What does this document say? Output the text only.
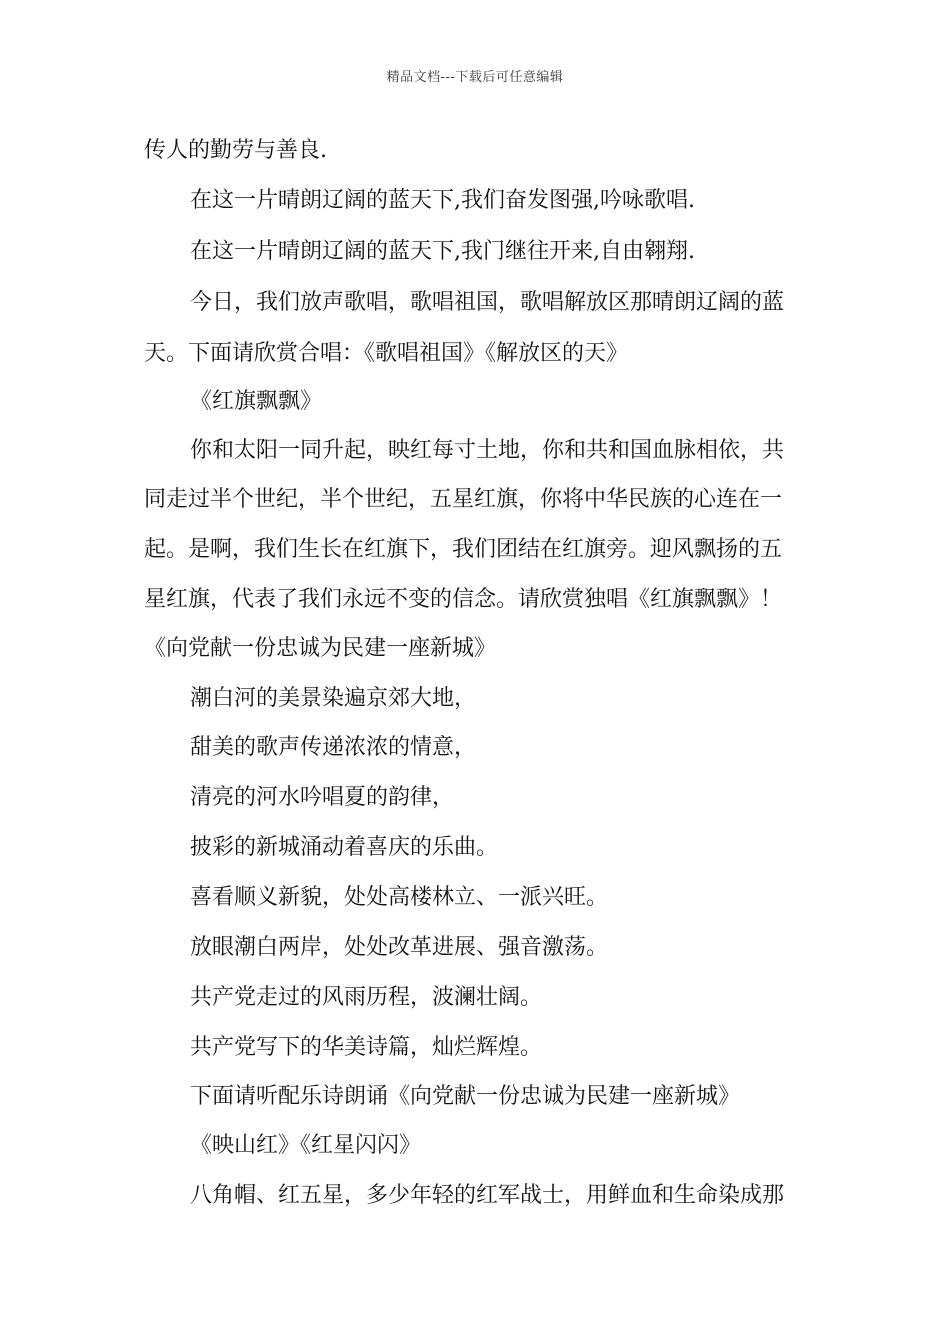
精品文档---下载后可任意编辑
传人的勤劳与善良.
在这一片晴朗辽阔的蓝天下,我们奋发图强,吟咏歌唱.
在这一片晴朗辽阔的蓝天下,我门继往开来,自由翱翔.
今日，我们放声歌唱，歌唱祖国，歌唱解放区那晴朗辽阔的蓝
天。下面请欣赏合唱：《歌唱祖国》《解放区的天》
《红旗飘飘》
你和太阳一同升起，映红每寸土地，你和共和国血脉相依，共
同走过半个世纪，半个世纪，五星红旗，你将中华民族的心连在一
起。是啊，我们生长在红旗下，我们团结在红旗旁。迎风飘扬的五
星红旗，代表了我们永远不变的信念。请欣赏独唱《红旗飘飘》！
《向党献一份忠诚为民建一座新城》
潮白河的美景染遍京郊大地，
甜美的歌声传递浓浓的情意，
清亮的河水吟唱夏的韵律，
披彩的新城涌动着喜庆的乐曲。
喜看顺义新貌，处处高楼林立、一派兴旺。
放眼潮白两岸，处处改革进展、强音激荡。
共产党走过的风雨历程，波澜壮阔。
共产党写下的华美诗篇，灿烂辉煌。
下面请听配乐诗朗诵《向党献一份忠诚为民建一座新城》
《映山红》《红星闪闪》
八角帽、红五星，多少年轻的红军战士，用鲜血和生命染成那
